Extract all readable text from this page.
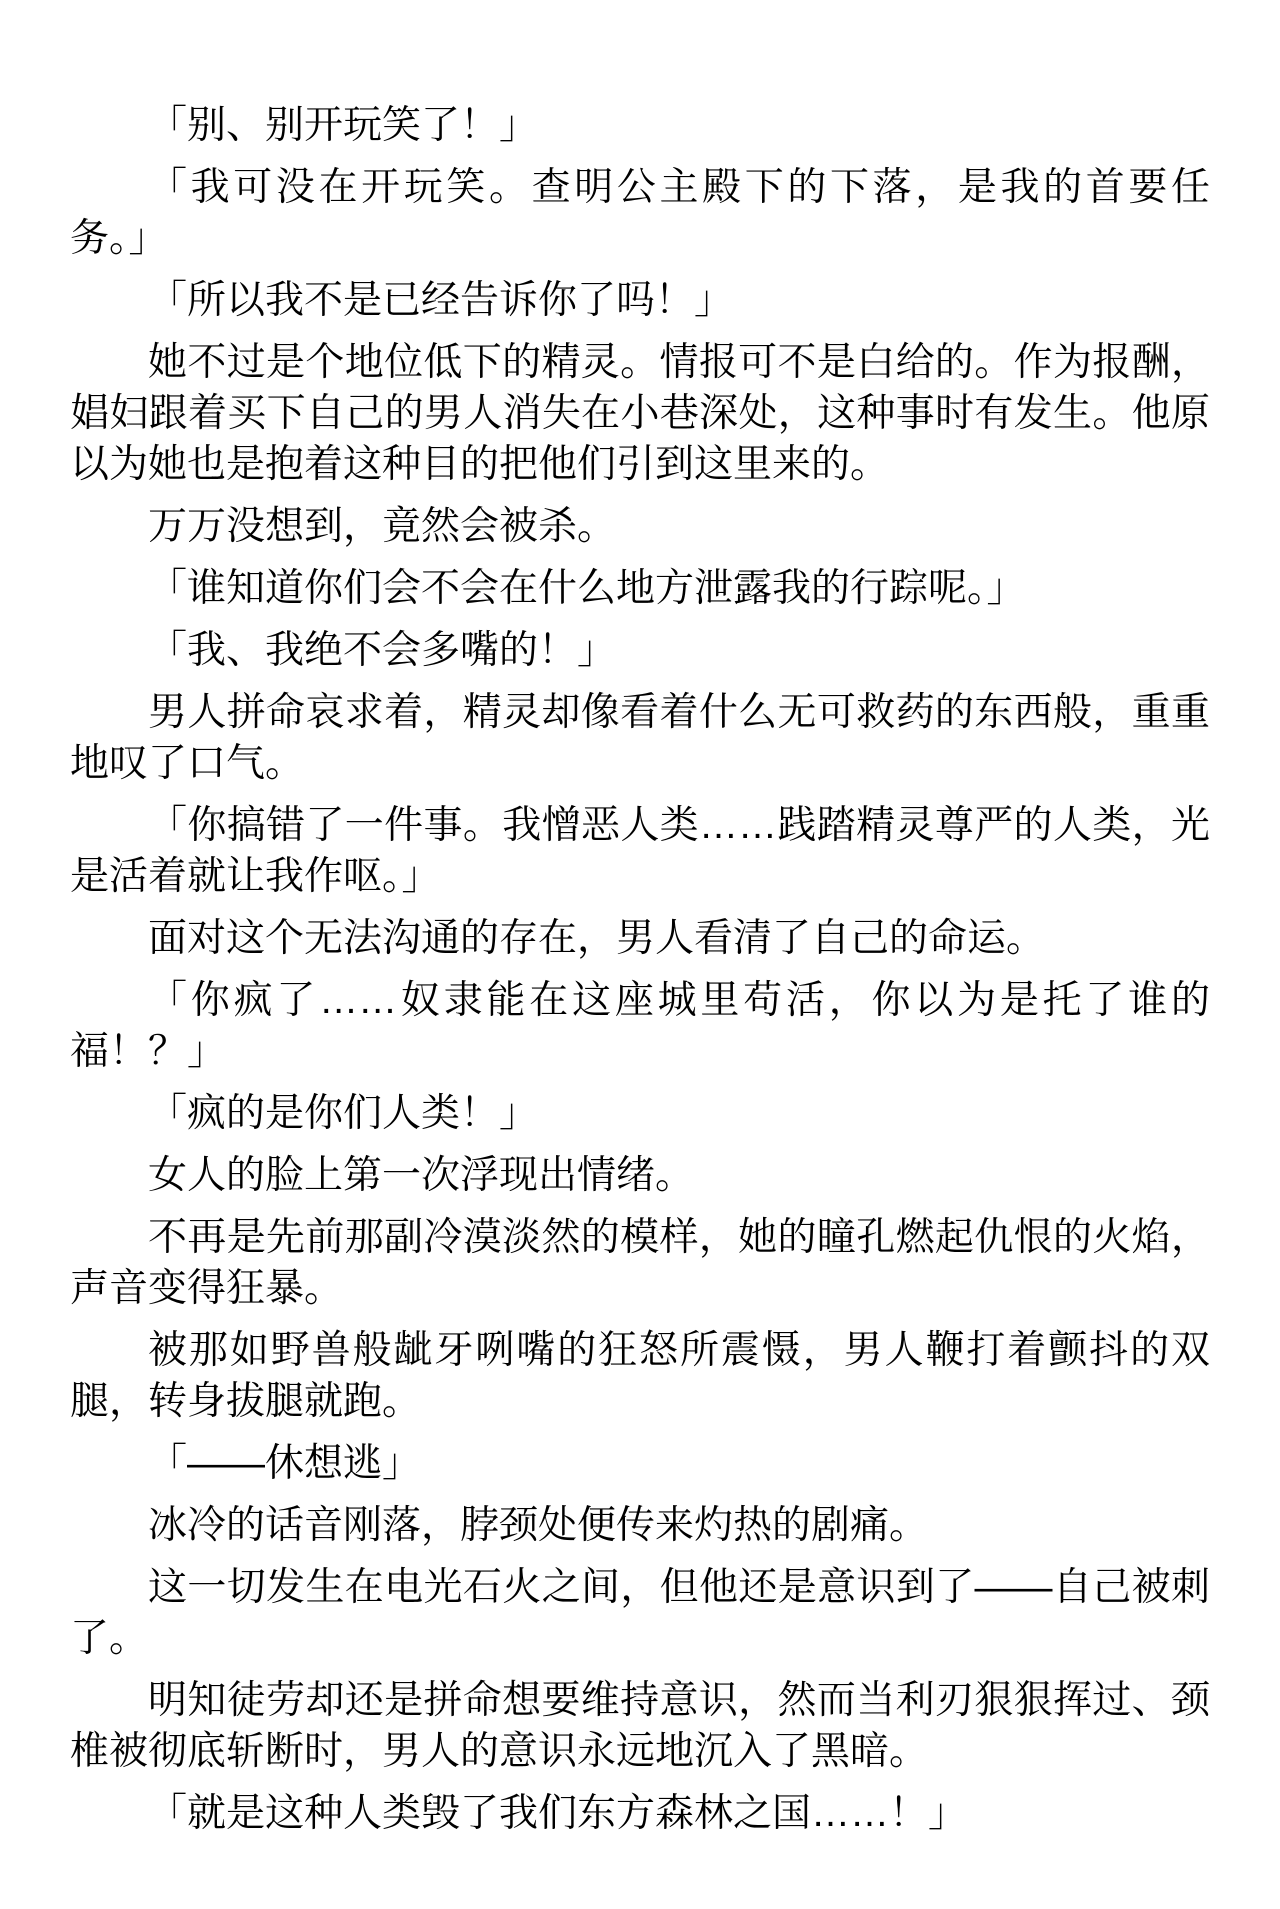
「别、别开玩笑了！」
「我可没在开玩笑。查明公主殿下的下落，是我的首要任
务。」
「所以我不是已经告诉你了吗！」
她不过是个地位低下的精灵。情报可不是白给的。作为报酬，
娼妇跟着买下自己的男人消失在小巷深处，这种事时有发生。他原
以为她也是抱着这种目的把他们引到这里来的。
万万没想到，竟然会被杀。
「谁知道你们会不会在什么地方泄露我的行踪呢。」
「我、我绝不会多嘴的！」
男人拼命哀求着，精灵却像看着什么无可救药的东西般，重重
地叹了口气。
「你搞错了一件事。我憎恶人类……践踏精灵尊严的人类，光
是活着就让我作呕。」
面对这个无法沟通的存在，男人看清了自己的命运。
「你疯了……奴隶能在这座城里苟活，你以为是托了谁的
福！？」
「疯的是你们人类！」
女人的脸上第一次浮现出情绪。
不再是先前那副冷漠淡然的模样，她的瞳孔燃起仇恨的火焰，
声音变得狂暴。
被那如野兽般龇牙咧嘴的狂怒所震慑，男人鞭打着颤抖的双
腿，转身拔腿就跑。
「——休想逃」
冰冷的话音刚落，脖颈处便传来灼热的剧痛。
这一切发生在电光石火之间，但他还是意识到了——自己被刺
了。
明知徒劳却还是拼命想要维持意识，然而当利刃狠狠挥过、颈
椎被彻底斩断时，男人的意识永远地沉入了黑暗。
「就是这种人类毁了我们东方森林之国……！」
